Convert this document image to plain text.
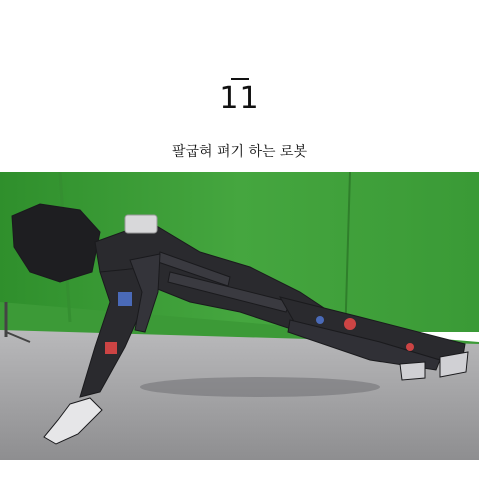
11
팔굽혀 펴기 하는 로봇
